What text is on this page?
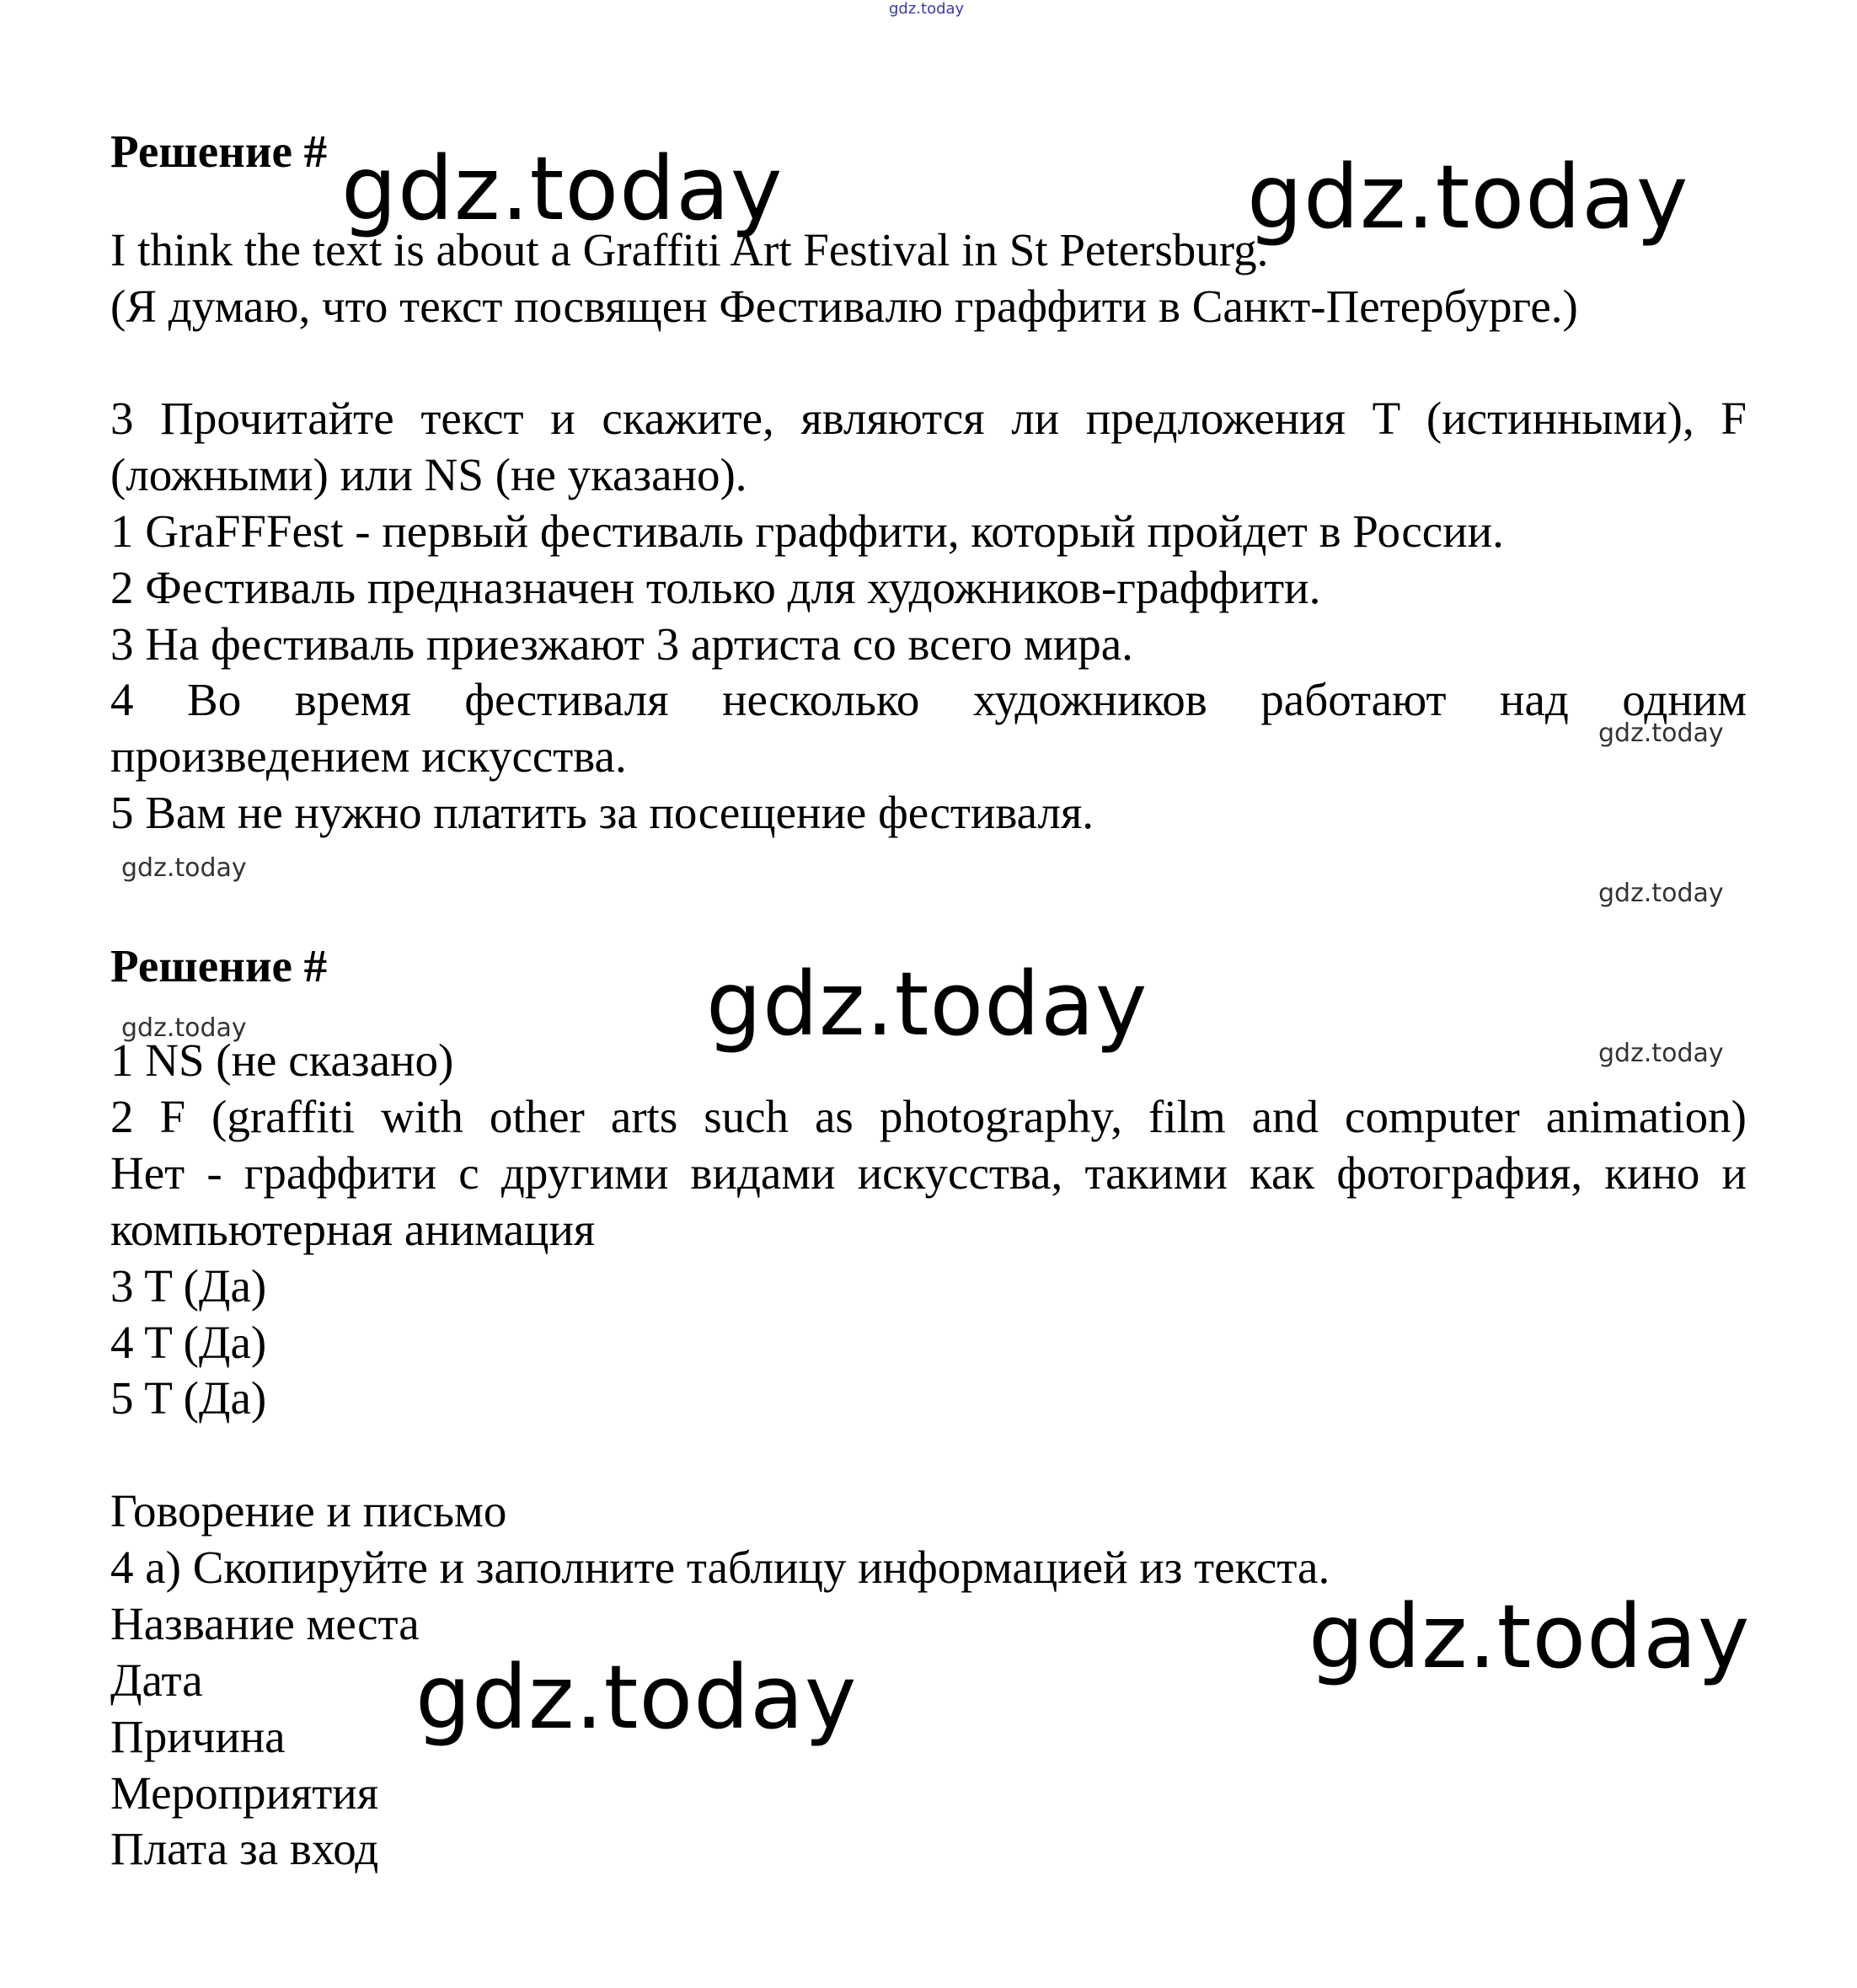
gdz.today
Решение #
I think the text is about a Graffiti Art Festival in St Petersburg.
(Я думаю, что текст посвящен Фестивалю граффити в Санкт-Петербурге.)
3 Прочитайте текст и скажите, являются ли предложения T (истинными), F
(ложными) или NS (не указано).
1 GraFFFest - первый фестиваль граффити, который пройдет в России.
2 Фестиваль предназначен только для художников-граффити.
3 На фестиваль приезжают 3 артиста со всего мира.
4 Во время фестиваля несколько художников работают над одним
произведением искусства.
5 Вам не нужно платить за посещение фестиваля.
Решение #
1 NS (не сказано)
2 F (graffiti with other arts such as photography, film and computer animation)
Нет - граффити с другими видами искусства, такими как фотография, кино и
компьютерная анимация
3 T (Да)
4 T (Да)
5 T (Да)
Говорение и письмо
4 a) Скопируйте и заполните таблицу информацией из текста.
Название места
Дата
Причина
Мероприятия
Плата за вход
gdz.today	gdz.today
gdz.today
gdz.today
gdz.today
gdz.today
gdz.today
gdz.today
gdz.today
gdz.today
